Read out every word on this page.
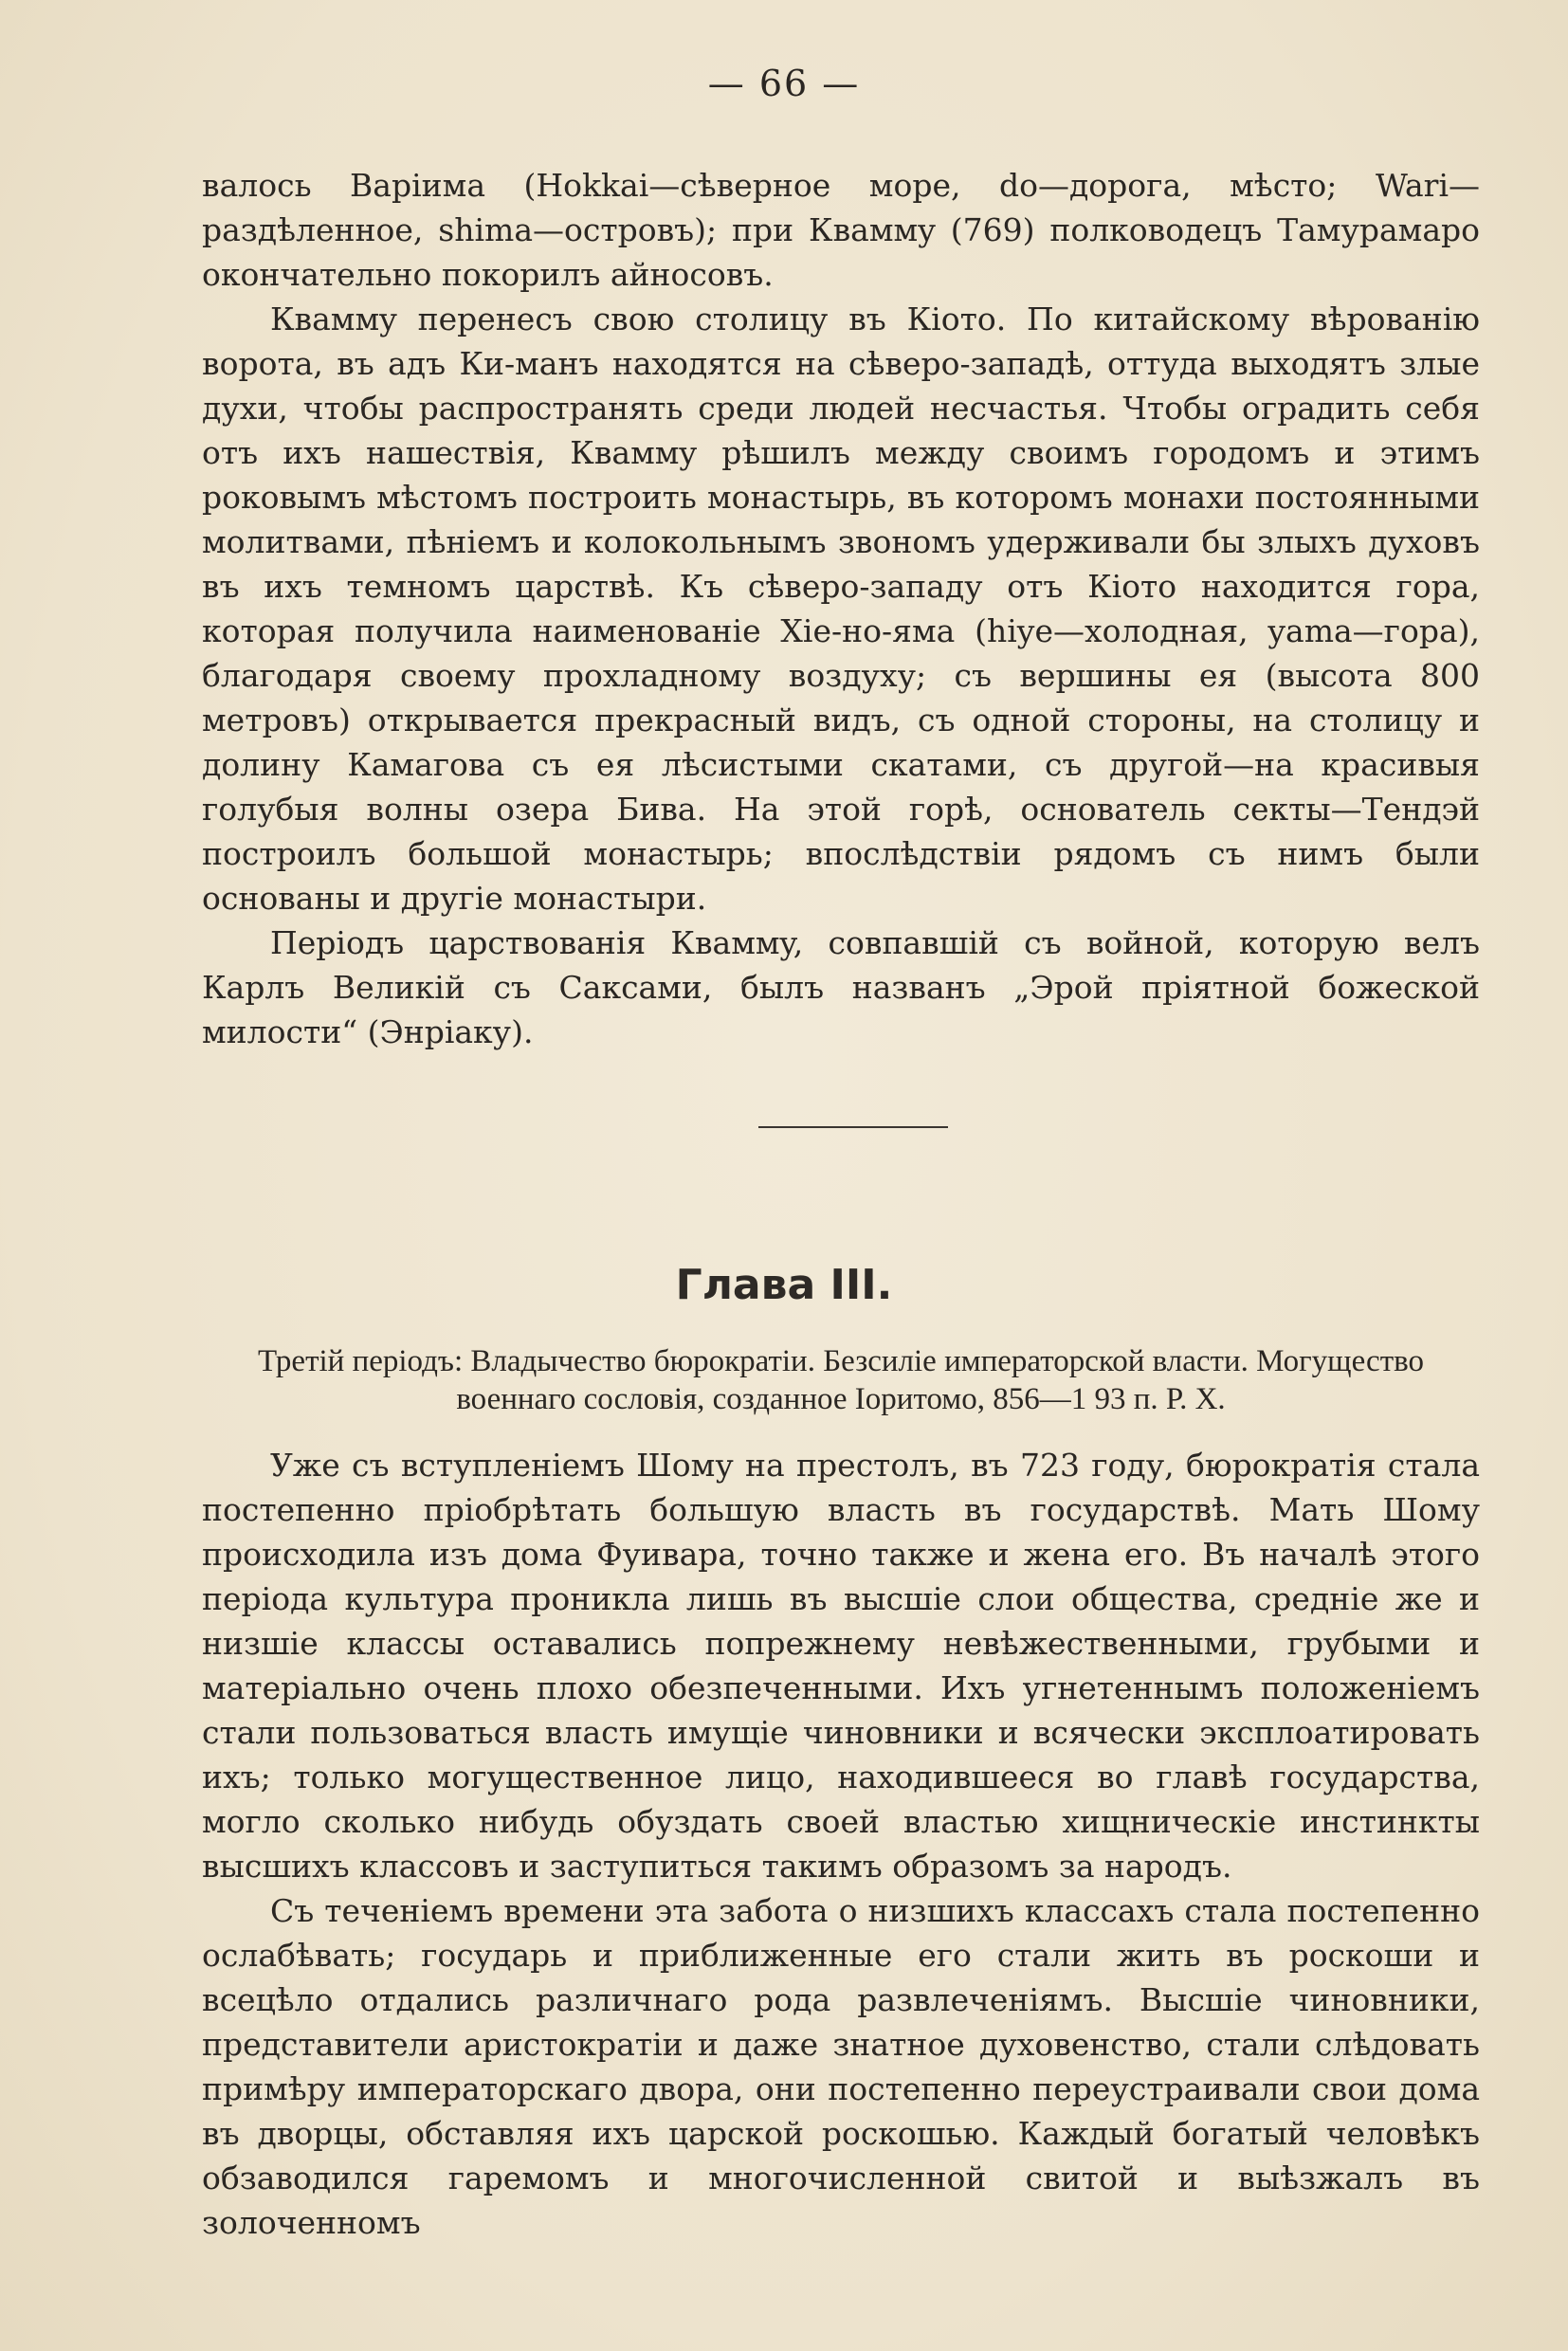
— 66 —

валось Варiима (Hokkai—сѣверное море, do—дорога, мѣсто; Wari—раздѣленное, shima—островъ); при Кваммy (769) полководецъ Тамурамаро окончательно покорилъ айносовъ.

Кваммy перенесъ свою столицу въ Кiото. По китайскому вѣрованiю ворота, въ адъ Ки-манъ находятся на сѣверо-западѣ, оттуда выходятъ злые духи, чтобы распространять среди людей несчастья. Чтобы оградить себя отъ ихъ нашествiя, Кваммy рѣшилъ между своимъ городомъ и этимъ роковымъ мѣстомъ построить монастырь, въ которомъ монахи постоянными молитвами, пѣнiемъ и колокольнымъ звономъ удерживали бы злыхъ духовъ въ ихъ темномъ царствѣ. Къ сѣверо-западу отъ Кiото находится гора, которая получила наименованiе Хiе-но-яма (hiye—холодная, yama—гора), благодаря своему прохладному воздуху; съ вершины ея (высота 800 метровъ) открывается прекрасный видъ, съ одной стороны, на столицу и долину Камагова съ ея лѣсистыми скатами, съ другой—на красивыя голубыя волны озера Бива. На этой горѣ, основатель секты—Тендэй построилъ большой монастырь; впослѣдствiи рядомъ съ нимъ были основаны и другiе монастыри.

Перiодъ царствованiя Кваммy, совпавшiй съ войной, которую велъ Карлъ Великiй съ Саксами, былъ названъ „Эрой прiятной божеской милости“ (Энрiаку).

Глава III.
Третiй перiодъ: Владычество бюрократiи. Безсилiе императорской власти. Могущество военнаго сословiя, созданное Іоритомо, 856—1 93 п. Р. Х.

Уже съ вступленiемъ Шому на престолъ, въ 723 году, бюрократiя стала постепенно прiобрѣтать большую власть въ государствѣ. Мать Шому происходила изъ дома Фуивара, точно также и жена его. Въ началѣ этого перiода культура проникла лишь въ высшiе слои общества, средніе же и низшiе классы оставались попрежнему невѣжественными, грубыми и матерiально очень плохо обезпеченными. Ихъ угнетеннымъ положенiемъ стали пользоваться власть имущiе чиновники и всячески эксплоатировать ихъ; только могущественное лицо, находившееся во главѣ государства, могло сколько нибудь обуздать своей властью хищническiе инстинкты высшихъ классовъ и заступиться такимъ образомъ за народъ.

Съ теченiемъ времени эта забота о низшихъ классахъ стала постепенно ослабѣвать; государь и приближенные его стали жить въ роскоши и всецѣло отдались различнаго рода развлеченiямъ. Высшiе чиновники, представители аристократiи и даже знатное духовенство, стали слѣдовать примѣру императорскаго двора, они постепенно переустраивали свои дома въ дворцы, обставляя ихъ царской роскошью. Каждый богатый человѣкъ обзаводился гаремомъ и многочисленной свитой и выѣзжалъ въ золоченномъ
